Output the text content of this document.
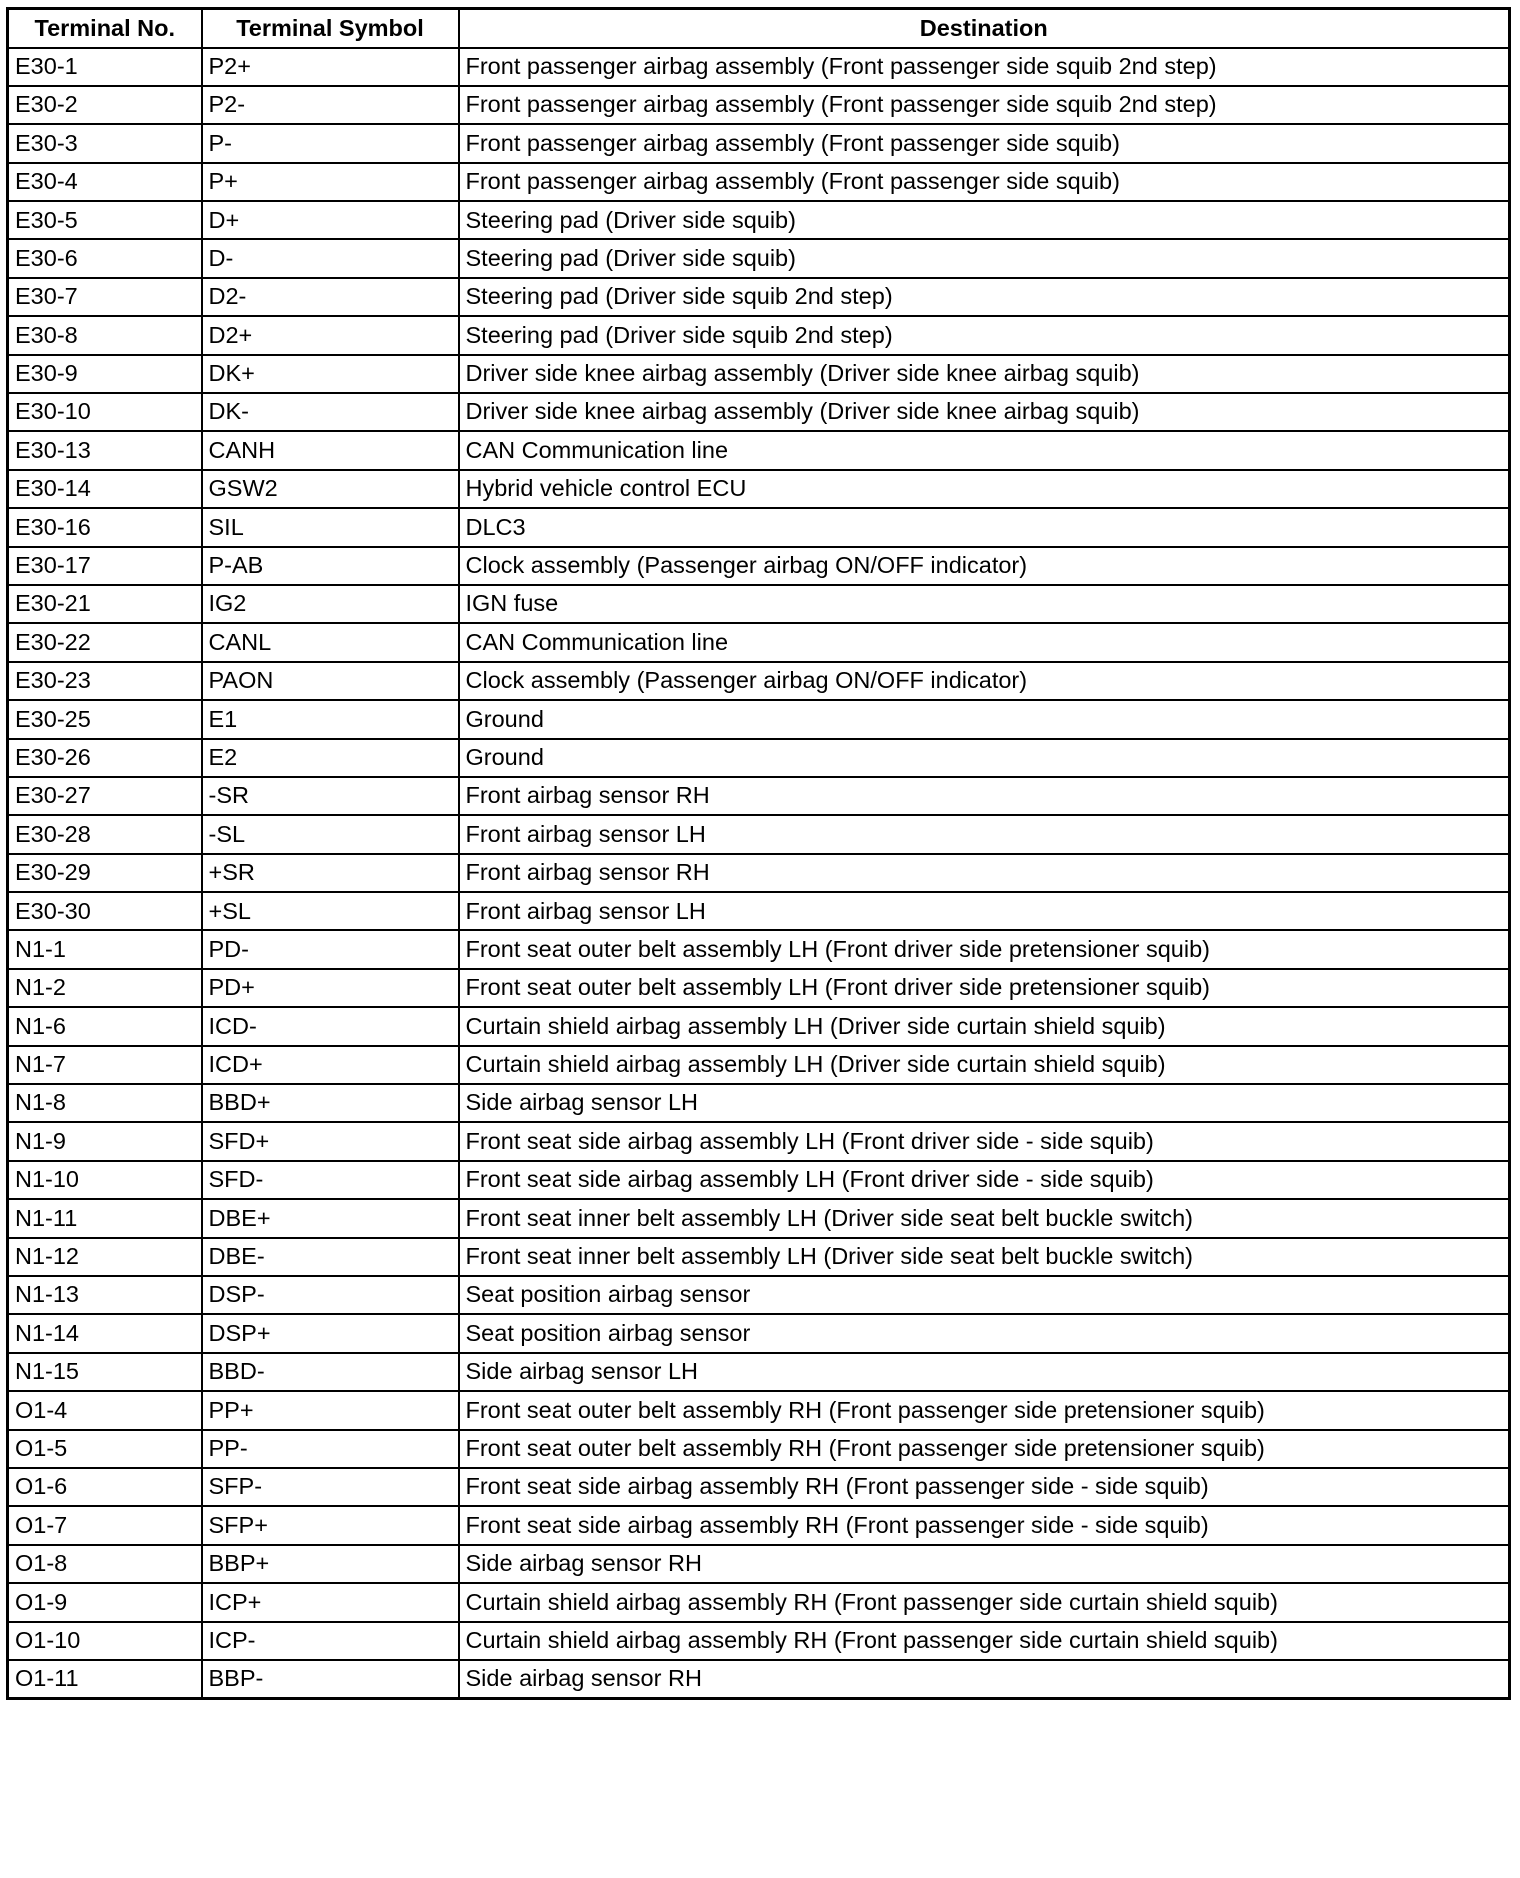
Terminal No.	Terminal Symbol	Destination
E30-1	P2+	Front passenger airbag assembly (Front passenger side squib 2nd step)
E30-2	P2-	Front passenger airbag assembly (Front passenger side squib 2nd step)
E30-3	P-	Front passenger airbag assembly (Front passenger side squib)
E30-4	P+	Front passenger airbag assembly (Front passenger side squib)
E30-5	D+	Steering pad (Driver side squib)
E30-6	D-	Steering pad (Driver side squib)
E30-7	D2-	Steering pad (Driver side squib 2nd step)
E30-8	D2+	Steering pad (Driver side squib 2nd step)
E30-9	DK+	Driver side knee airbag assembly (Driver side knee airbag squib)
E30-10	DK-	Driver side knee airbag assembly (Driver side knee airbag squib)
E30-13	CANH	CAN Communication line
E30-14	GSW2	Hybrid vehicle control ECU
E30-16	SIL	DLC3
E30-17	P-AB	Clock assembly (Passenger airbag ON/OFF indicator)
E30-21	IG2	IGN fuse
E30-22	CANL	CAN Communication line
E30-23	PAON	Clock assembly (Passenger airbag ON/OFF indicator)
E30-25	E1	Ground
E30-26	E2	Ground
E30-27	-SR	Front airbag sensor RH
E30-28	-SL	Front airbag sensor LH
E30-29	+SR	Front airbag sensor RH
E30-30	+SL	Front airbag sensor LH
N1-1	PD-	Front seat outer belt assembly LH (Front driver side pretensioner squib)
N1-2	PD+	Front seat outer belt assembly LH (Front driver side pretensioner squib)
N1-6	ICD-	Curtain shield airbag assembly LH (Driver side curtain shield squib)
N1-7	ICD+	Curtain shield airbag assembly LH (Driver side curtain shield squib)
N1-8	BBD+	Side airbag sensor LH
N1-9	SFD+	Front seat side airbag assembly LH (Front driver side - side squib)
N1-10	SFD-	Front seat side airbag assembly LH (Front driver side - side squib)
N1-11	DBE+	Front seat inner belt assembly LH (Driver side seat belt buckle switch)
N1-12	DBE-	Front seat inner belt assembly LH (Driver side seat belt buckle switch)
N1-13	DSP-	Seat position airbag sensor
N1-14	DSP+	Seat position airbag sensor
N1-15	BBD-	Side airbag sensor LH
O1-4	PP+	Front seat outer belt assembly RH (Front passenger side pretensioner squib)
O1-5	PP-	Front seat outer belt assembly RH (Front passenger side pretensioner squib)
O1-6	SFP-	Front seat side airbag assembly RH (Front passenger side - side squib)
O1-7	SFP+	Front seat side airbag assembly RH (Front passenger side - side squib)
O1-8	BBP+	Side airbag sensor RH
O1-9	ICP+	Curtain shield airbag assembly RH (Front passenger side curtain shield squib)
O1-10	ICP-	Curtain shield airbag assembly RH (Front passenger side curtain shield squib)
O1-11	BBP-	Side airbag sensor RH
